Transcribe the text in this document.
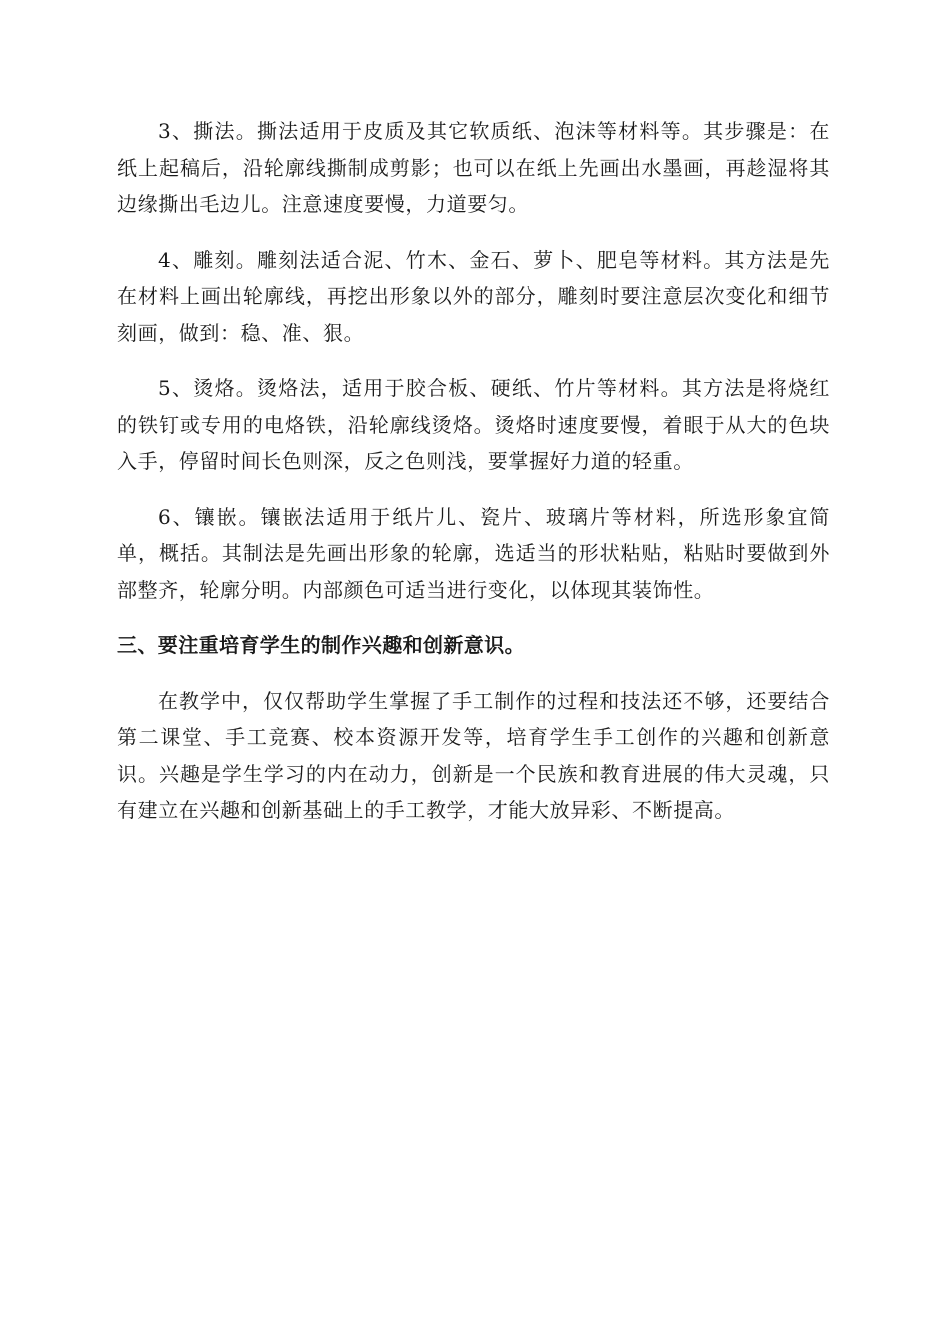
3、撕法。撕法适用于皮质及其它软质纸、泡沫等材料等。其步骤是：在纸上起稿后，沿轮廓线撕制成剪影；也可以在纸上先画出水墨画，再趁湿将其边缘撕出毛边儿。注意速度要慢，力道要匀。

4、雕刻。雕刻法适合泥、竹木、金石、萝卜、肥皂等材料。其方法是先在材料上画出轮廓线，再挖出形象以外的部分，雕刻时要注意层次变化和细节刻画，做到：稳、准、狠。

5、烫烙。烫烙法，适用于胶合板、硬纸、竹片等材料。其方法是将烧红的铁钉或专用的电烙铁，沿轮廓线烫烙。烫烙时速度要慢，着眼于从大的色块入手，停留时间长色则深，反之色则浅，要掌握好力道的轻重。

6、镶嵌。镶嵌法适用于纸片儿、瓷片、玻璃片等材料，所选形象宜简单，概括。其制法是先画出形象的轮廓，选适当的形状粘贴，粘贴时要做到外部整齐，轮廓分明。内部颜色可适当进行变化，以体现其装饰性。

三、要注重培育学生的制作兴趣和创新意识。

在教学中，仅仅帮助学生掌握了手工制作的过程和技法还不够，还要结合第二课堂、手工竞赛、校本资源开发等，培育学生手工创作的兴趣和创新意识。兴趣是学生学习的内在动力，创新是一个民族和教育进展的伟大灵魂，只有建立在兴趣和创新基础上的手工教学，才能大放异彩、不断提高。
